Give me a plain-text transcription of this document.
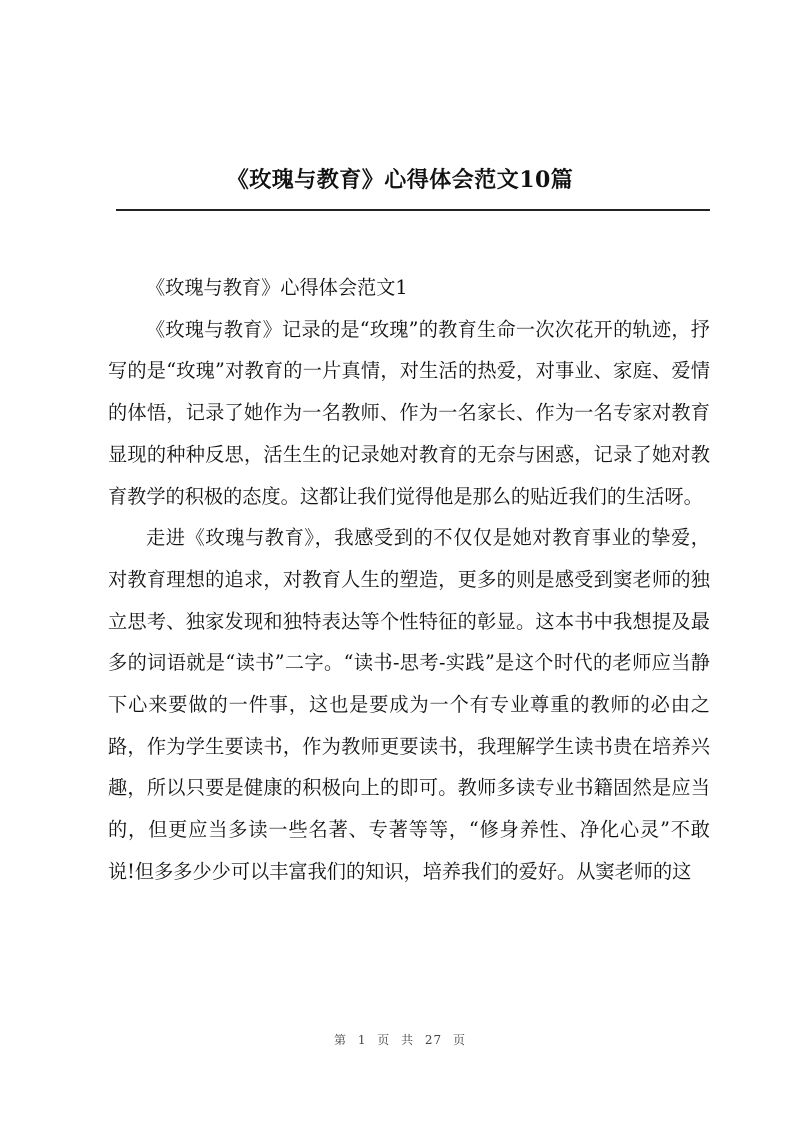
《玫瑰与教育》心得体会范文10篇

《玫瑰与教育》心得体会范文1

《玫瑰与教育》记录的是“玫瑰”的教育生命一次次花开的轨迹，抒写的是“玫瑰”对教育的一片真情，对生活的热爱，对事业、家庭、爱情的体悟，记录了她作为一名教师、作为一名家长、作为一名专家对教育显现的种种反思，活生生的记录她对教育的无奈与困惑，记录了她对教育教学的积极的态度。这都让我们觉得他是那么的贴近我们的生活呀。

走进《玫瑰与教育》，我感受到的不仅仅是她对教育事业的挚爱，对教育理想的追求，对教育人生的塑造，更多的则是感受到窦老师的独立思考、独家发现和独特表达等个性特征的彰显。这本书中我想提及最多的词语就是“读书”二字。“读书-思考-实践”是这个时代的老师应当静下心来要做的一件事，这也是要成为一个有专业尊重的教师的必由之路，作为学生要读书，作为教师更要读书，我理解学生读书贵在培养兴趣，所以只要是健康的积极向上的即可。教师多读专业书籍固然是应当的，但更应当多读一些名著、专著等等，“修身养性、净化心灵”不敢说!但多多少少可以丰富我们的知识，培养我们的爱好。从窦老师的这

第 1 页 共 27 页
